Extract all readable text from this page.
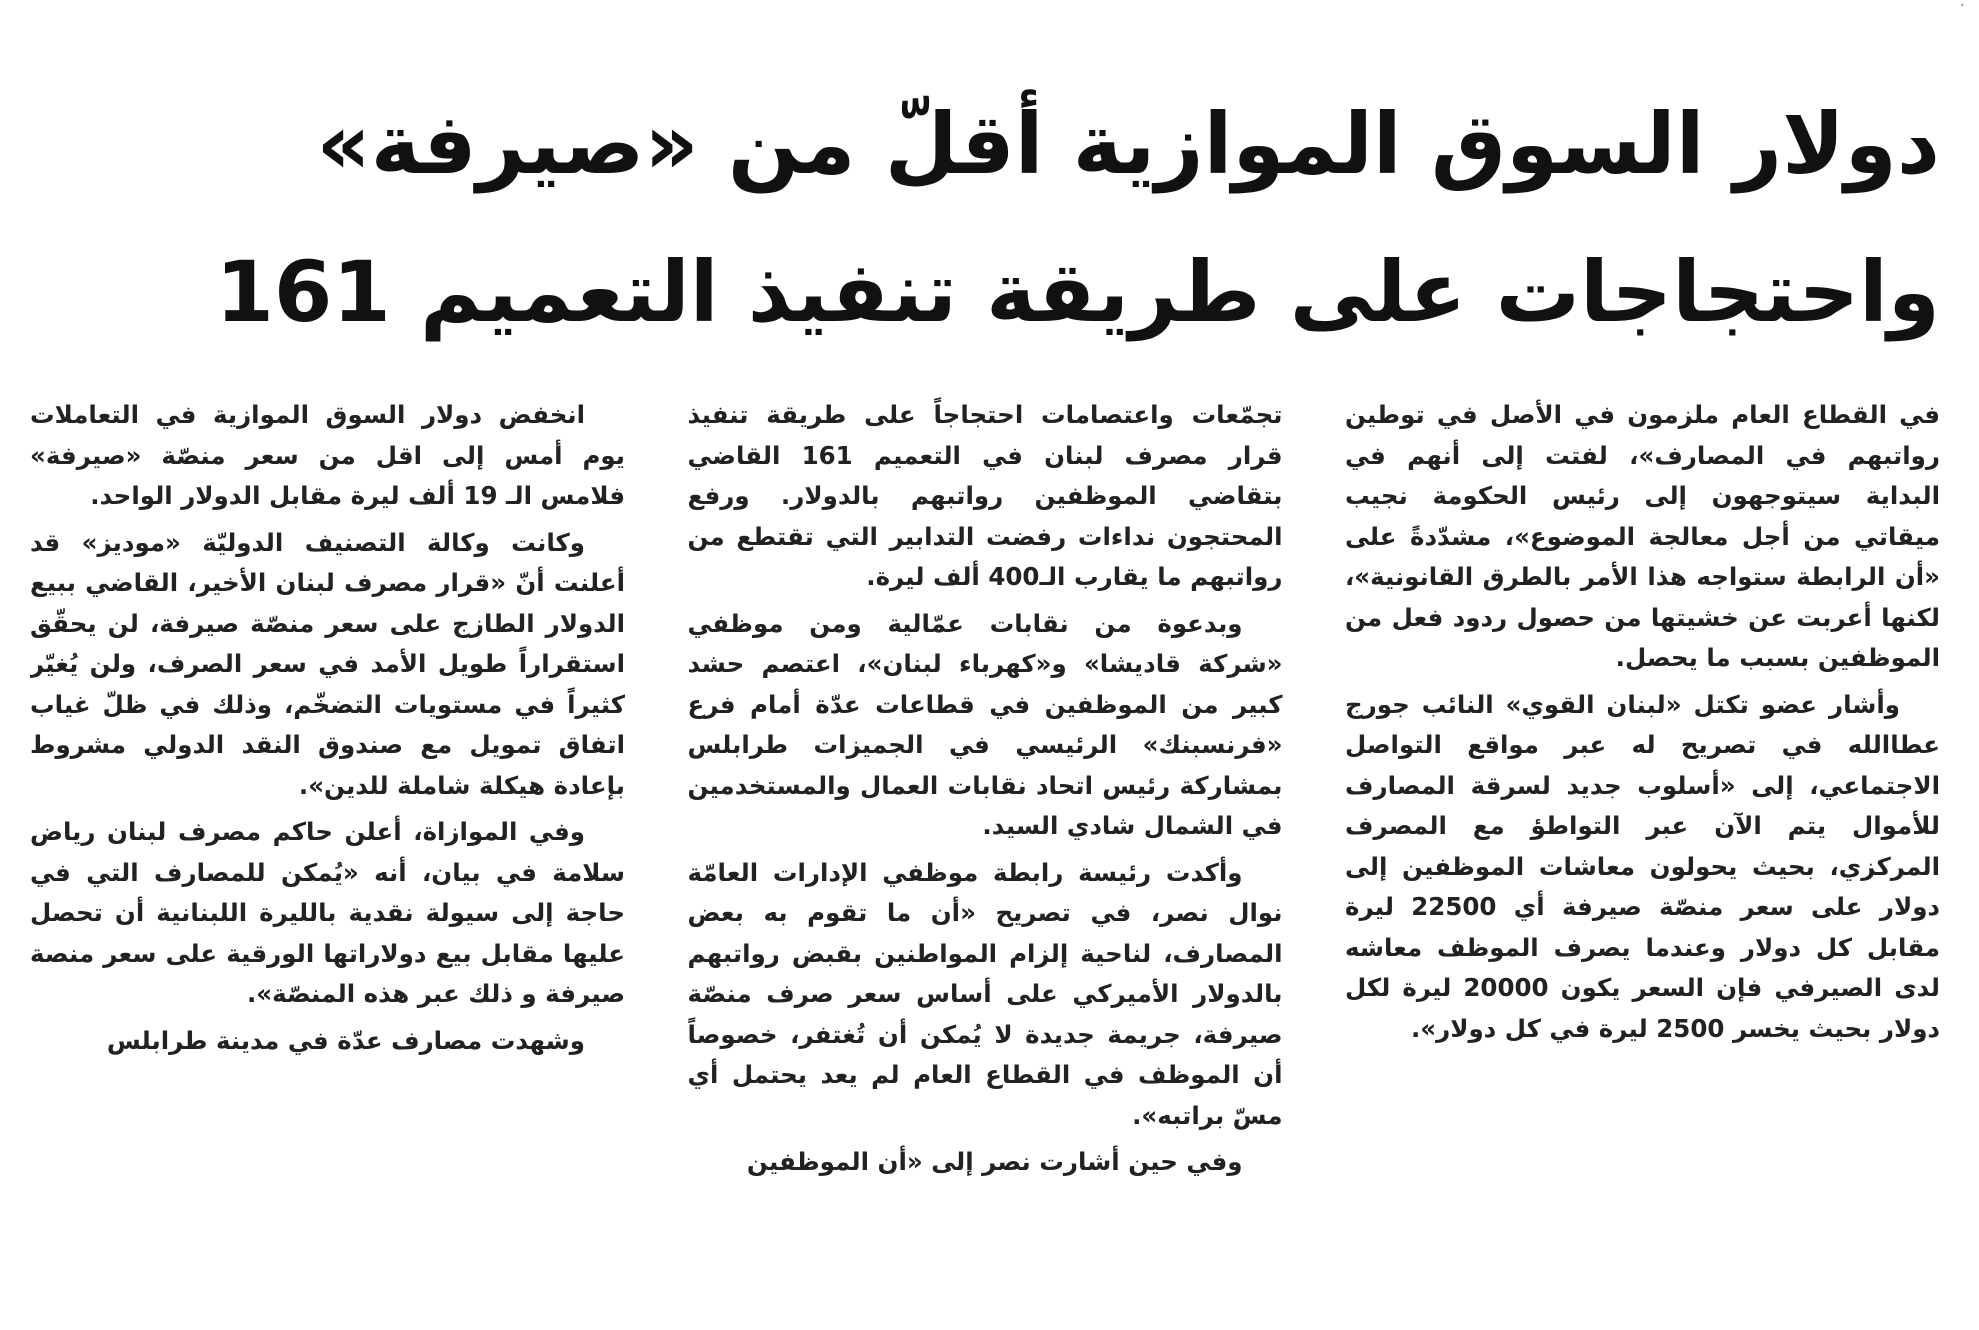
،
دولار السوق الموازية أقلّ من «صيرفة»
واحتجاجات على طريقة تنفيذ التعميم 161

انخفض دولار السوق الموازية في التعاملات يوم أمس إلى اقل من سعر منصّة «صيرفة» فلامس الـ 19 ألف ليرة مقابل الدولار الواحد.

وكانت وكالة التصنيف الدوليّة «موديز» قد أعلنت أنّ «قرار مصرف لبنان الأخير، القاضي ببيع الدولار الطازج على سعر منصّة صيرفة، لن يحقّق استقراراً طويل الأمد في سعر الصرف، ولن يُغيّر كثيراً في مستويات التضخّم، وذلك في ظلّ غياب اتفاق تمويل مع صندوق النقد الدولي مشروط بإعادة هيكلة شاملة للدين».

وفي الموازاة، أعلن حاكم مصرف لبنان رياض سلامة في بيان، أنه «يُمكن للمصارف التي في حاجة إلى سيولة نقدية بالليرة اللبنانية أن تحصل عليها مقابل بيع دولاراتها الورقية على سعر منصة صيرفة و ذلك عبر هذه المنصّة».

وشهدت مصارف عدّة في مدينة طرابلس

تجمّعات واعتصامات احتجاجاً على طريقة تنفيذ قرار مصرف لبنان في التعميم 161 القاضي بتقاضي الموظفين رواتبهم بالدولار. ورفع المحتجون نداءات رفضت التدابير التي تقتطع من رواتبهم ما يقارب الـ400 ألف ليرة.

وبدعوة من نقابات عمّالية ومن موظفي «شركة قاديشا» و«كهرباء لبنان»، اعتصم حشد كبير من الموظفين في قطاعات عدّة أمام فرع «فرنسبنك» الرئيسي في الجميزات طرابلس بمشاركة رئيس اتحاد نقابات العمال والمستخدمين في الشمال شادي السيد.

وأكدت رئيسة رابطة موظفي الإدارات العامّة نوال نصر، في تصريح «أن ما تقوم به بعض المصارف، لناحية إلزام المواطنين بقبض رواتبهم بالدولار الأميركي على أساس سعر صرف منصّة صيرفة، جريمة جديدة لا يُمكن أن تُغتفر، خصوصاً أن الموظف في القطاع العام لم يعد يحتمل أي مسّ براتبه».

وفي حين أشارت نصر إلى «أن الموظفين

في القطاع العام ملزمون في الأصل في توطين رواتبهم في المصارف»، لفتت إلى أنهم في البداية سيتوجهون إلى رئيس الحكومة نجيب ميقاتي من أجل معالجة الموضوع»، مشدّدةً على «أن الرابطة ستواجه هذا الأمر بالطرق القانونية»، لكنها أعربت عن خشيتها من حصول ردود فعل من الموظفين بسبب ما يحصل.

وأشار عضو تكتل «لبنان القوي» النائب جورج عطاالله في تصريح له عبر مواقع التواصل الاجتماعي، إلى «أسلوب جديد لسرقة المصارف للأموال يتم الآن عبر التواطؤ مع المصرف المركزي، بحيث يحولون معاشات الموظفين إلى دولار على سعر منصّة صيرفة أي 22500 ليرة مقابل كل دولار وعندما يصرف الموظف معاشه لدى الصيرفي فإن السعر يكون 20000 ليرة لكل دولار بحيث يخسر 2500 ليرة في كل دولار».
